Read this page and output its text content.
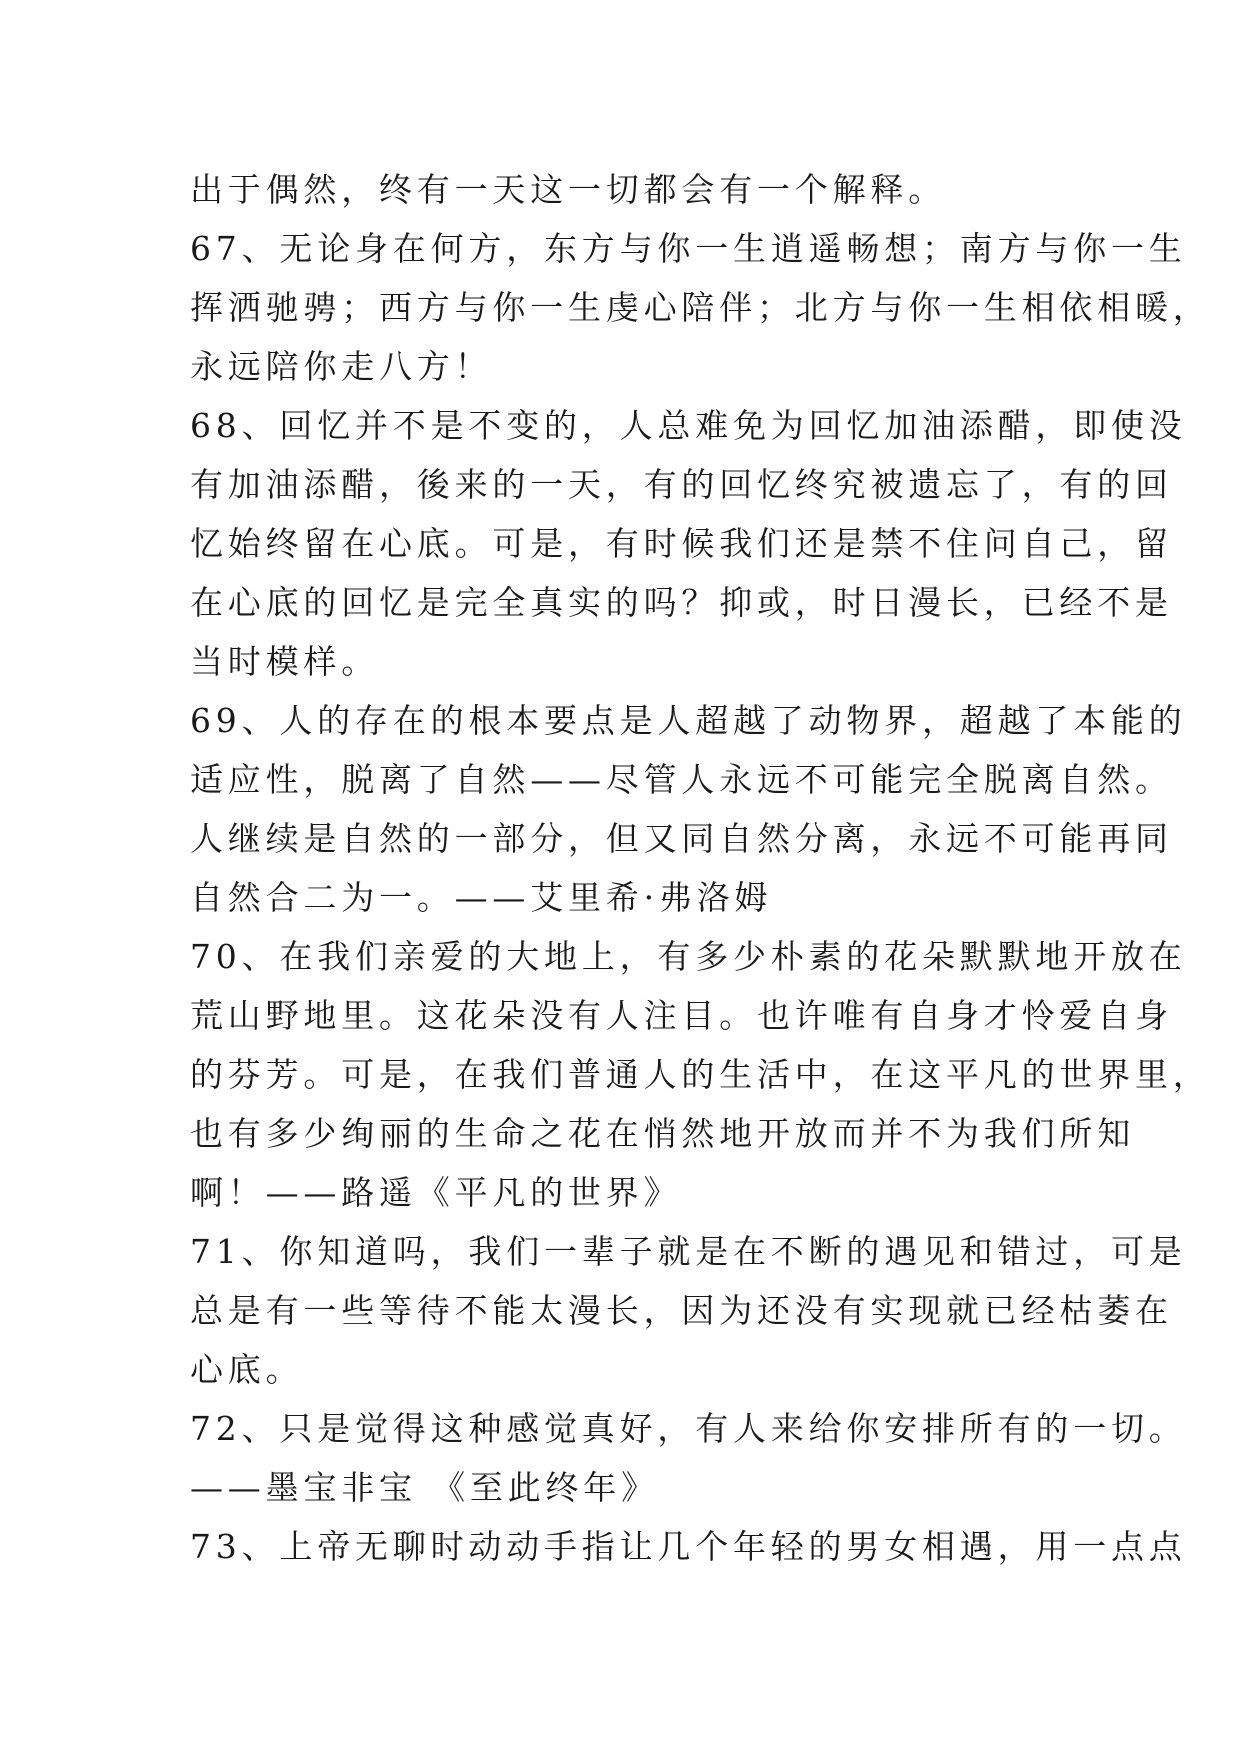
出于偶然，终有一天这一切都会有一个解释。
67、无论身在何方，东方与你一生逍遥畅想；南方与你一生
挥洒驰骋；西方与你一生虔心陪伴；北方与你一生相依相暖，
永远陪你走八方！
68、回忆并不是不变的，人总难免为回忆加油添醋，即使没
有加油添醋，後来的一天，有的回忆终究被遗忘了，有的回
忆始终留在心底。可是，有时候我们还是禁不住问自己，留
在心底的回忆是完全真实的吗？抑或，时日漫长，已经不是
当时模样。
69、人的存在的根本要点是人超越了动物界，超越了本能的
适应性，脱离了自然——尽管人永远不可能完全脱离自然。
人继续是自然的一部分，但又同自然分离，永远不可能再同
自然合二为一。——艾里希·弗洛姆
70、在我们亲爱的大地上，有多少朴素的花朵默默地开放在
荒山野地里。这花朵没有人注目。也许唯有自身才怜爱自身
的芬芳。可是，在我们普通人的生活中，在这平凡的世界里，
也有多少绚丽的生命之花在悄然地开放而并不为我们所知
啊！——路遥《平凡的世界》
71、你知道吗，我们一辈子就是在不断的遇见和错过，可是
总是有一些等待不能太漫长，因为还没有实现就已经枯萎在
心底。
72、只是觉得这种感觉真好，有人来给你安排所有的一切。
——墨宝非宝 《至此终年》
73、上帝无聊时动动手指让几个年轻的男女相遇，用一点点
